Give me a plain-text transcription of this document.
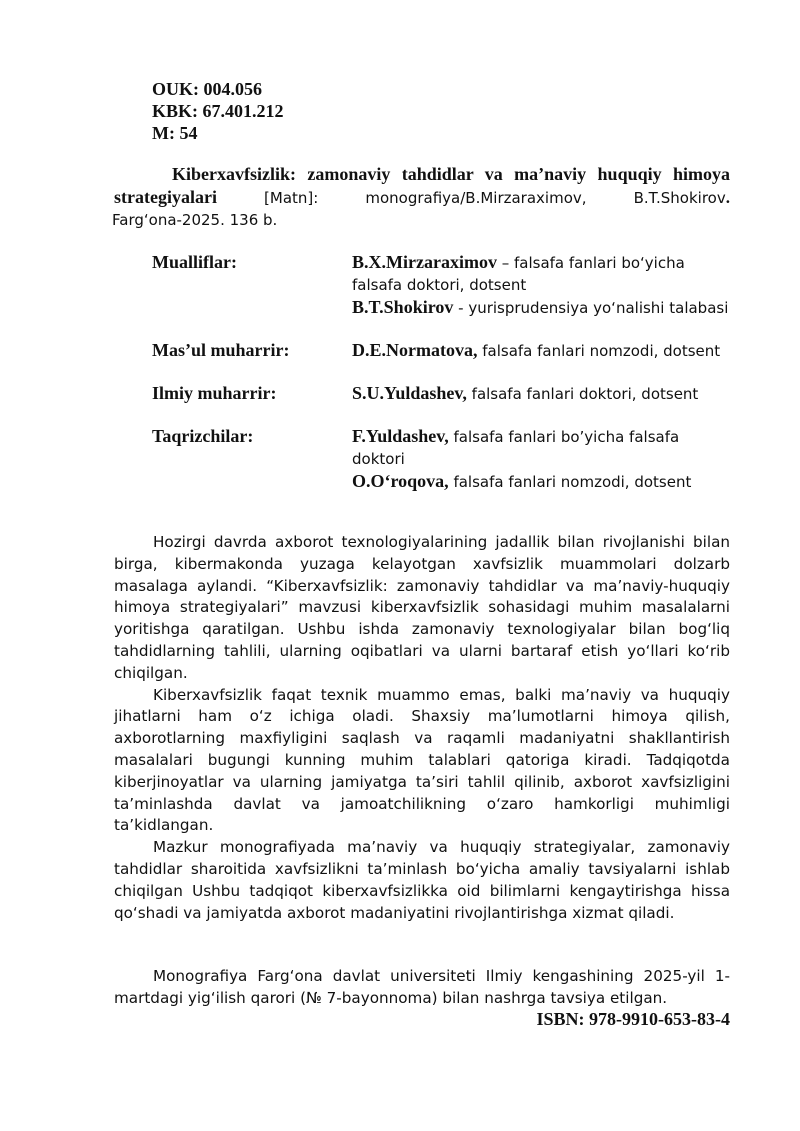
OUK: 004.056
KBK: 67.401.212
M: 54
Kiberxavfsizlik: zamonaviy tahdidlar va ma’naviy huquqiy himoya strategiyalari [Matn]: monografiya/B.Mirzaraximov, B.T.Shokirov.
Farg‘ona-2025. 136 b.
Mualliflar:	B.X.Mirzaraximov – falsafa fanlari bo‘yicha falsafa doktori, dotsent

B.T.Shokirov - yurisprudensiya yo‘nalishi talabasi

Mas’ul muharrir:	D.E.Normatova, falsafa fanlari nomzodi, dotsent

Ilmiy muharrir:	S.U.Yuldashev, falsafa fanlari doktori, dotsent

Taqrizchilar:	F.Yuldashev, falsafa fanlari bo’yicha falsafa doktori

O.O‘roqova, falsafa fanlari nomzodi, dotsent

Hozirgi davrda axborot texnologiyalarining jadallik bilan rivojlanishi bilan birga, kibermakonda yuzaga kelayotgan xavfsizlik muammolari dolzarb masalaga aylandi. “Kiberxavfsizlik: zamonaviy tahdidlar va ma’naviy-huquqiy himoya strategiyalari” mavzusi kiberxavfsizlik sohasidagi muhim masalalarni yoritishga qaratilgan. Ushbu ishda zamonaviy texnologiyalar bilan bog‘liq tahdidlarning tahlili, ularning oqibatlari va ularni bartaraf etish yo‘llari ko‘rib chiqilgan.

Kiberxavfsizlik faqat texnik muammo emas, balki ma’naviy va huquqiy jihatlarni ham o‘z ichiga oladi. Shaxsiy ma’lumotlarni himoya qilish, axborotlarning maxfiyligini saqlash va raqamli madaniyatni shakllantirish masalalari bugungi kunning muhim talablari qatoriga kiradi. Tadqiqotda kiberjinoyatlar va ularning jamiyatga ta’siri tahlil qilinib, axborot xavfsizligini ta’minlashda davlat va jamoatchilikning o‘zaro hamkorligi muhimligi ta’kidlangan.

Mazkur monografiyada ma’naviy va huquqiy strategiyalar, zamonaviy tahdidlar sharoitida xavfsizlikni ta’minlash bo‘yicha amaliy tavsiyalarni ishlab chiqilgan Ushbu tadqiqot kiberxavfsizlikka oid bilimlarni kengaytirishga hissa qo‘shadi va jamiyatda axborot madaniyatini rivojlantirishga xizmat qiladi.

Monografiya Farg‘ona davlat universiteti Ilmiy kengashining 2025-yil 1-martdagi yig‘ilish qarori (№ 7-bayonnoma) bilan nashrga tavsiya etilgan.
ISBN: 978-9910-653-83-4
